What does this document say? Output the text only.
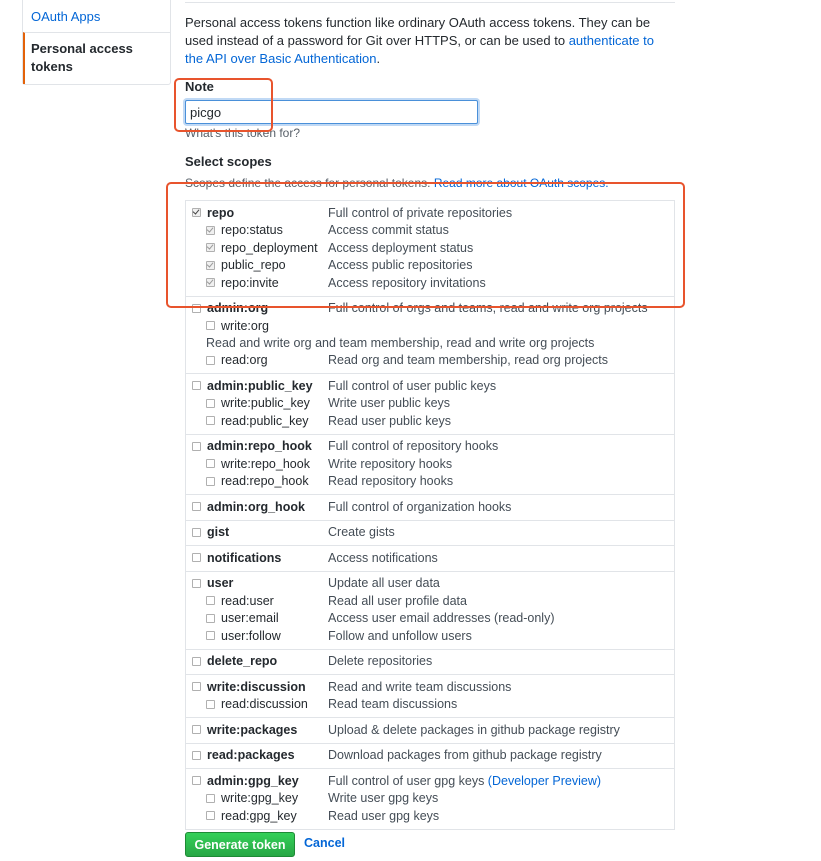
OAuth Apps
Personal access tokens

Personal access tokens function like ordinary OAuth access tokens. They can be used instead of a password for Git over HTTPS, or can be used to authenticate to the API over Basic Authentication.

Note
picgo
What's this token for?
Select scopes
Scopes define the access for personal tokens. Read more about OAuth scopes.
repo	Full control of private repositories
repo:status	Access commit status
repo_deployment Access deployment status
public_repo	Access public repositories
repo:invite	Access repository invitations
admin:org	Full control of orgs and teams, read and write org projects
write:org
Read and write org and team membership, read and write org projects
read:org	Read org and team membership, read org projects
admin:public_key Full control of user public keys
write:public_key Write user public keys
read:public_key Read user public keys
admin:repo_hook Full control of repository hooks
write:repo_hook Write repository hooks
read:repo_hook Read repository hooks
admin:org_hook Full control of organization hooks
gist	Create gists
notifications	Access notifications
user	Update all user data
read:user	Read all user profile data
user:email	Access user email addresses (read-only)
user:follow	Follow and unfollow users
delete_repo	Delete repositories
write:discussion Read and write team discussions
read:discussion Read team discussions
write:packages Upload & delete packages in github package registry
read:packages	Download packages from github package registry
admin:gpg_key Full control of user gpg keys (Developer Preview)
write:gpg_key Write user gpg keys
read:gpg_key Read user gpg keys
Generate token	Cancel
